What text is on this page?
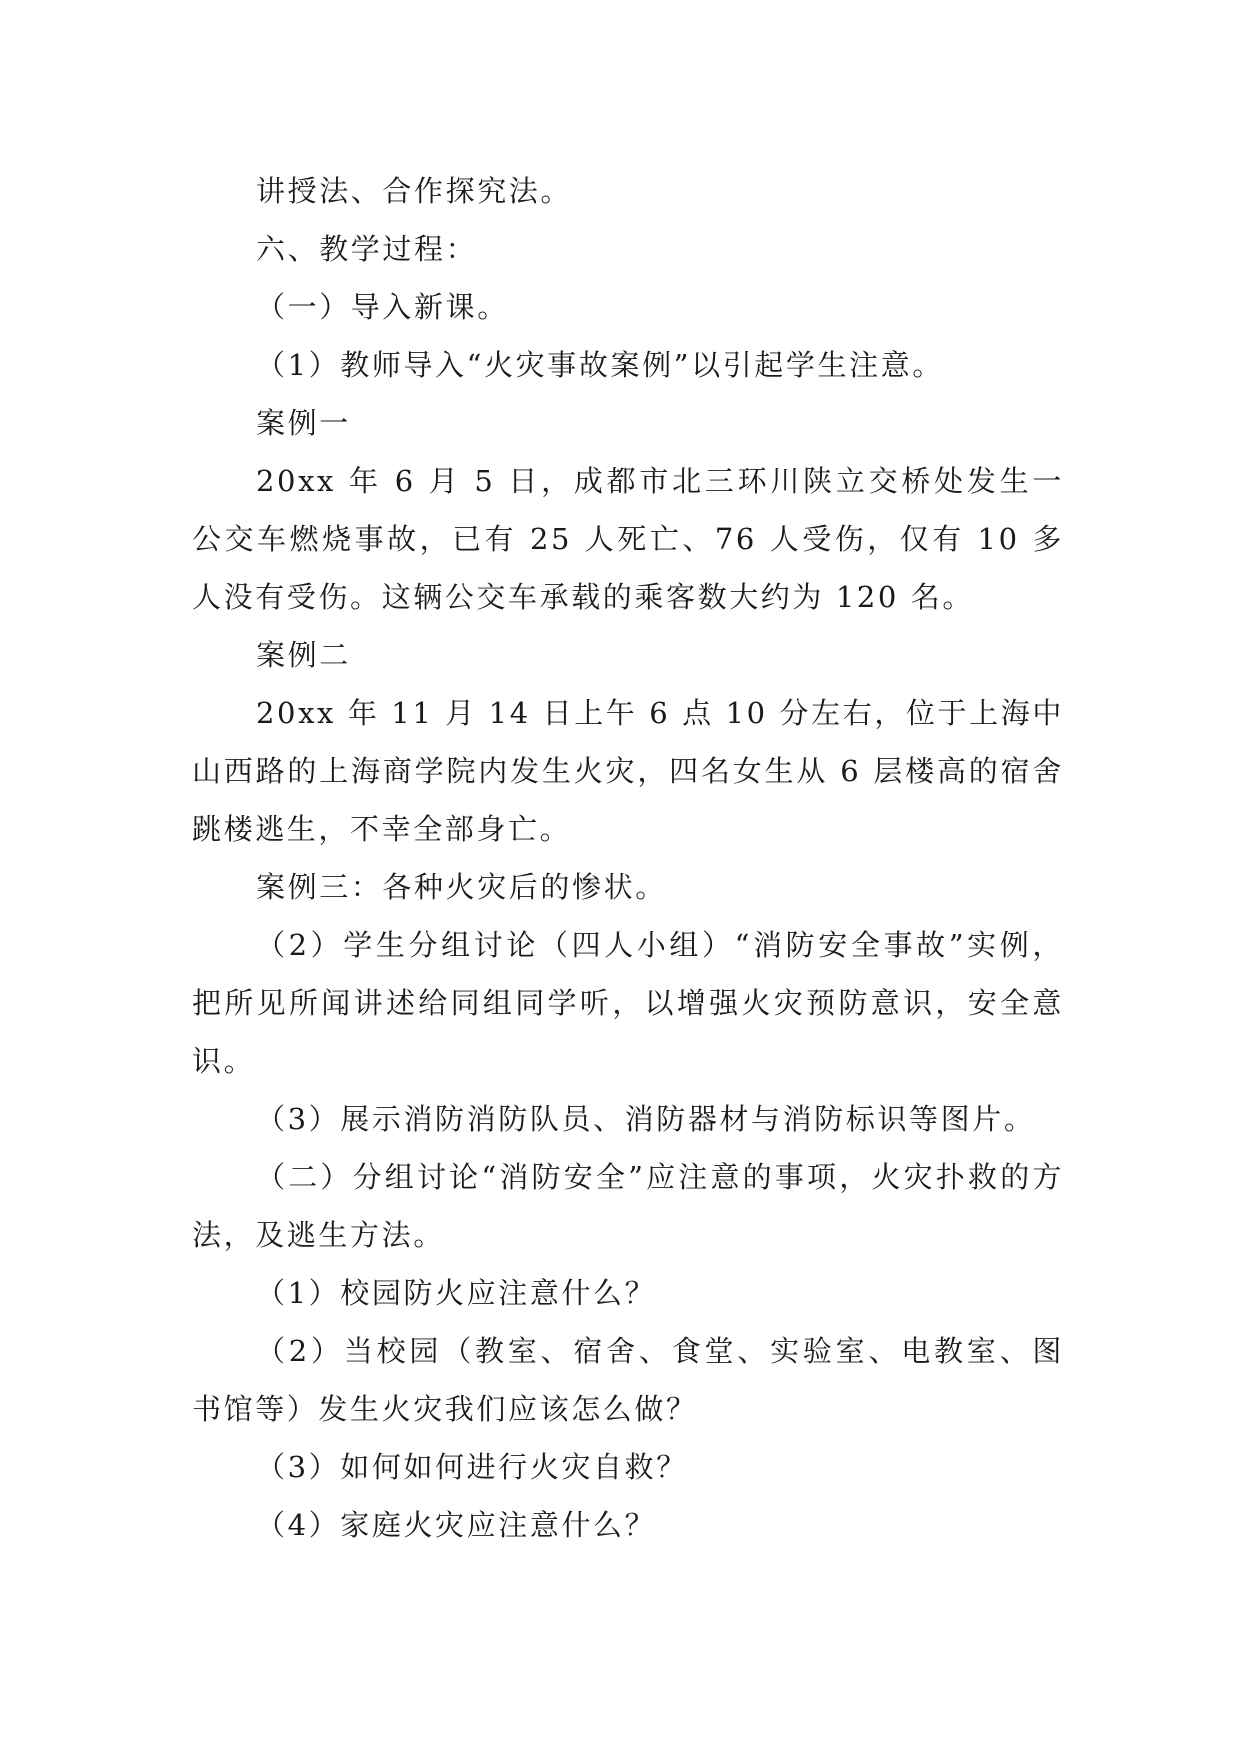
讲授法、合作探究法。

六、教学过程：

（一）导入新课。

（1）教师导入“火灾事故案例”以引起学生注意。

案例一

20xx 年 6 月 5 日，成都市北三环川陕立交桥处发生一公交车燃烧事故，已有 25 人死亡、76 人受伤，仅有 10 多人没有受伤。这辆公交车承载的乘客数大约为 120 名。

案例二

20xx 年 11 月 14 日上午 6 点 10 分左右，位于上海中山西路的上海商学院内发生火灾，四名女生从 6 层楼高的宿舍跳楼逃生，不幸全部身亡。

案例三：各种火灾后的惨状。

（2）学生分组讨论（四人小组）“消防安全事故”实例，把所见所闻讲述给同组同学听，以增强火灾预防意识，安全意识。

（3）展示消防消防队员、消防器材与消防标识等图片。

（二）分组讨论“消防安全”应注意的事项，火灾扑救的方法，及逃生方法。

（1）校园防火应注意什么？

（2）当校园（教室、宿舍、食堂、实验室、电教室、图书馆等）发生火灾我们应该怎么做？

（3）如何如何进行火灾自救？

（4）家庭火灾应注意什么？
